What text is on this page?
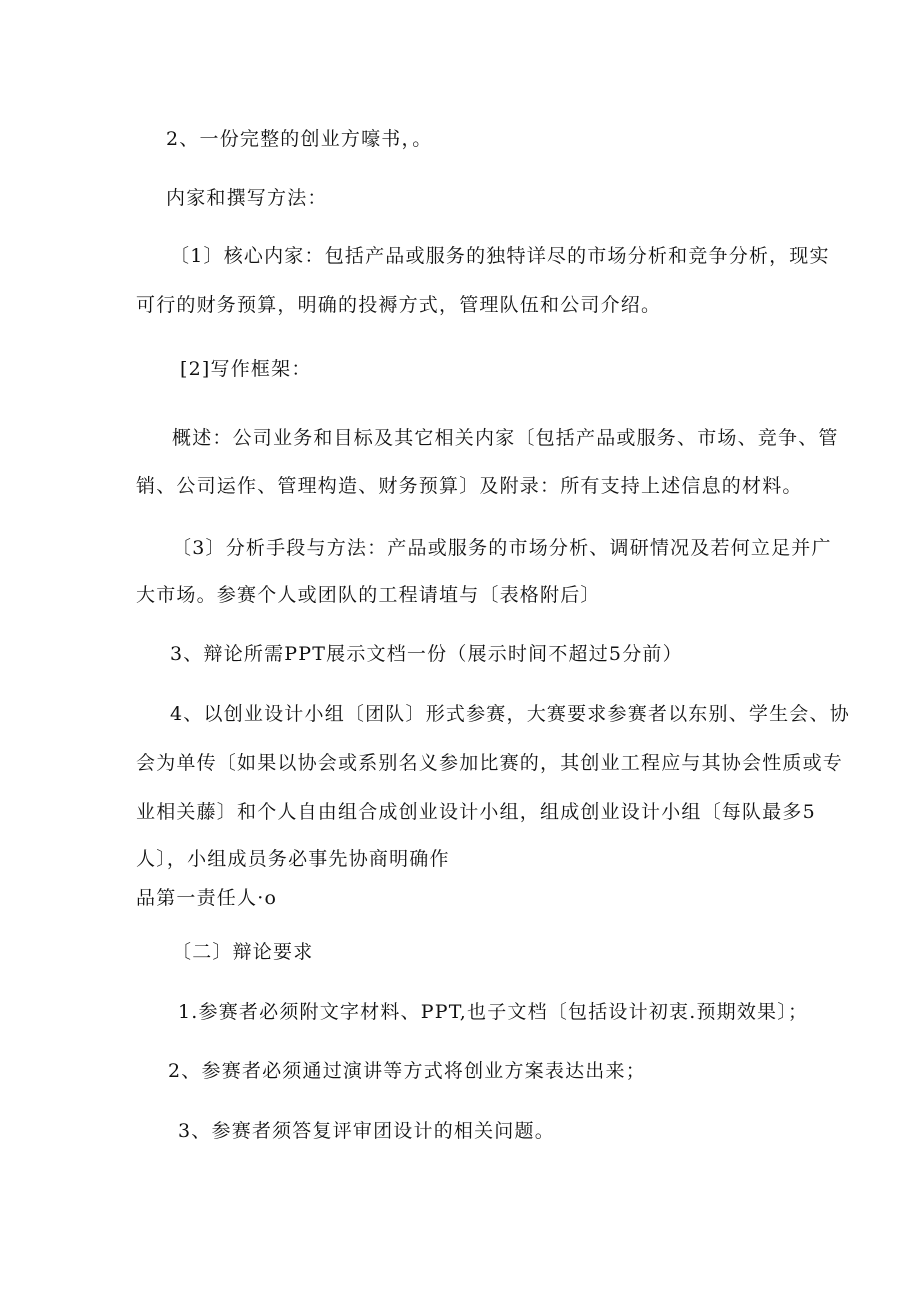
2、一份完整的创业方嚎书，。

内家和撰写方法：

〔1〕核心内家：包括产品或服务的独特详尽的市场分析和竞争分析，现实

可行的财务预算，明确的投褥方式，管理队伍和公司介绍。

[2]写作框架：

概述：公司业务和目标及其它相关内家〔包括产品或服务、市场、竞争、管

销、公司运作、管理构造、财务预算〕及附录：所有支持上述信息的材料。

〔3〕分析手段与方法：产品或服务的市场分析、调研情况及若何立足并广

大市场。参赛个人或团队的工程请埴与〔表格附后〕

3、辩论所需PPT展示文档一份（展示时间不超过5分前）

4、以创业设计小组〔团队〕形式参赛，大赛要求参赛者以东别、学生会、协

会为单传〔如果以协会或系别名义参加比赛的，其创业工程应与其协会性质或专

业相关藤〕和个人自由组合成创业设计小组，组成创业设计小组〔每队最多5

人〕，小组成员务必事先协商明确作

品第一责任人·o

〔二〕辩论要求

1.参赛者必须附文字材料、PPT,也子文档〔包括设计初衷.预期效果〕；

2、参赛者必须通过演讲等方式将创业方案表达出来；

3、参赛者须答复评审团设计的相关问题。
